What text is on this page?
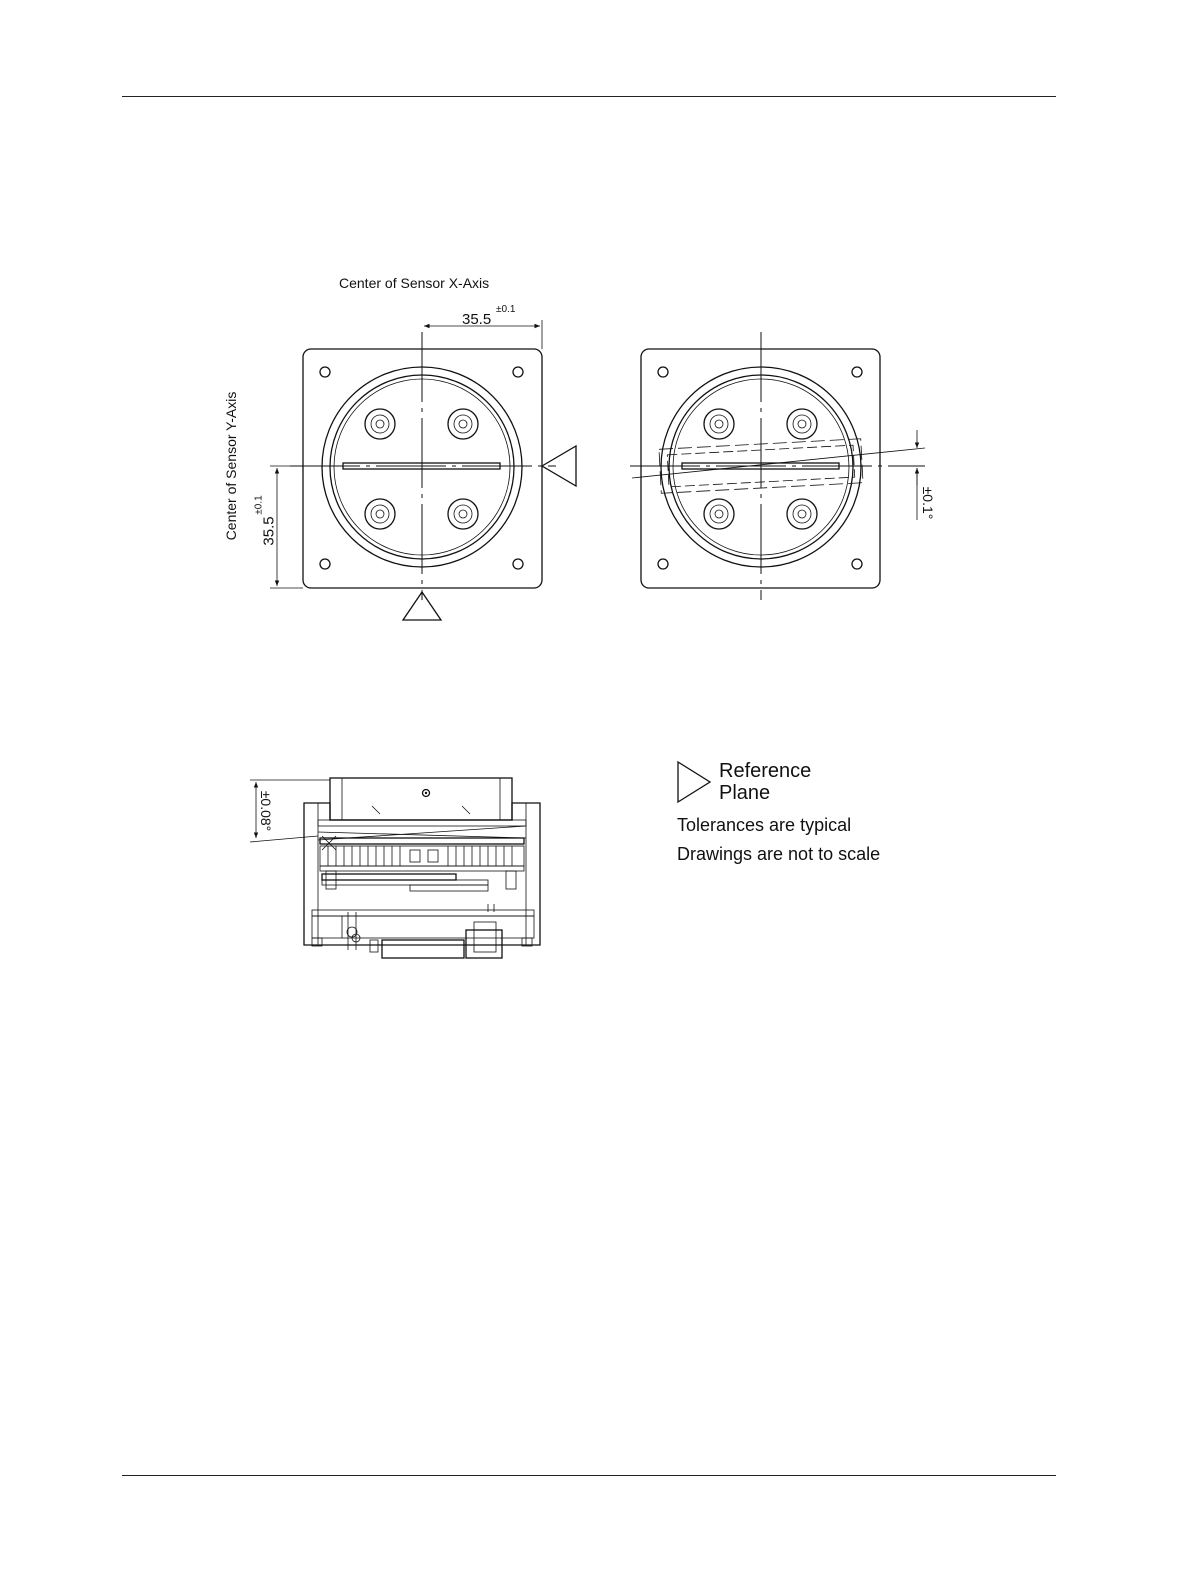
Center of Sensor X-Axis
35.5
±0.1
Center of Sensor Y-Axis 35.5
±0.1	±0.1°
±0.08°
Reference
Plane
Tolerances are typical
Drawings are not to scale
